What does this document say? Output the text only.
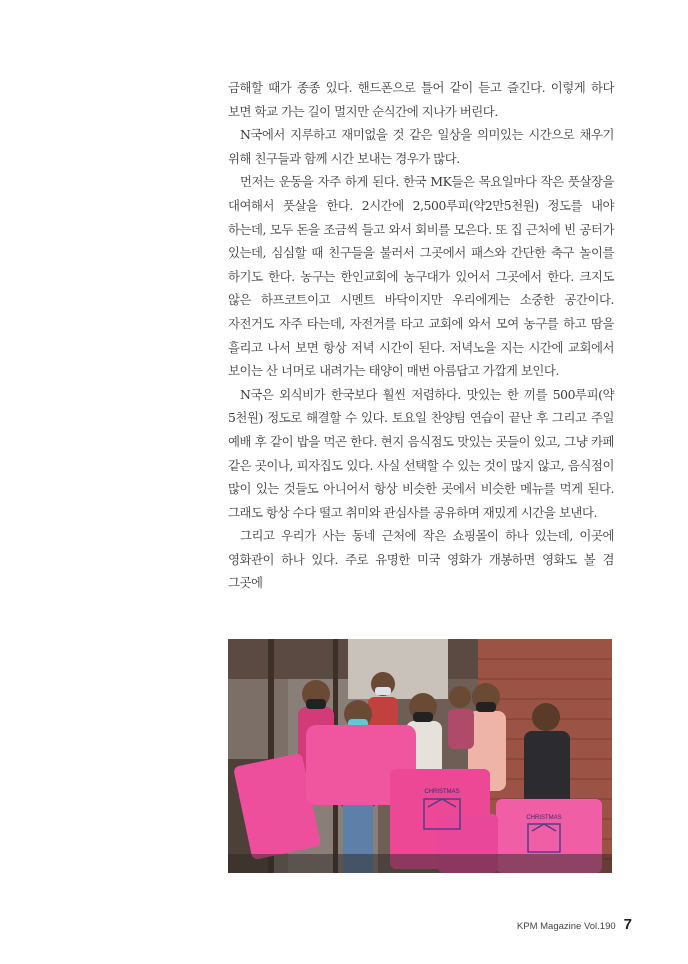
금해할 때가 종종 있다. 핸드폰으로 틀어 같이 듣고 즐긴다. 이렇게 하다 보면 학교 가는 길이 멀지만 순식간에 지나가 버린다.

N국에서 지루하고 재미없을 것 같은 일상을 의미있는 시간으로 채우기 위해 친구들과 함께 시간 보내는 경우가 많다.

먼저는 운동을 자주 하게 된다. 한국 MK들은 목요일마다 작은 풋살장을 대여해서 풋살을 한다. 2시간에 2,500루피(약2만5천원) 정도를 내야 하는데, 모두 돈을 조금씩 들고 와서 회비를 모은다. 또 집 근처에 빈 공터가 있는데, 심심할 때 친구들을 불러서 그곳에서 패스와 간단한 축구 놀이를 하기도 한다. 농구는 한인교회에 농구대가 있어서 그곳에서 한다. 크지도 않은 하프코트이고 시멘트 바닥이지만 우리에게는 소중한 공간이다. 자전거도 자주 타는데, 자전거를 타고 교회에 와서 모여 농구를 하고 땀을 흘리고 나서 보면 항상 저녁 시간이 된다. 저녁노을 지는 시간에 교회에서 보이는 산 너머로 내려가는 태양이 매번 아름답고 가깝게 보인다.

N국은 외식비가 한국보다 훨씬 저렴하다. 맛있는 한 끼를 500루피(약 5천원) 정도로 해결할 수 있다. 토요일 찬양팀 연습이 끝난 후 그리고 주일 예배 후 같이 밥을 먹곤 한다. 현지 음식점도 맛있는 곳들이 있고, 그냥 카페 같은 곳이나, 피자집도 있다. 사실 선택할 수 있는 것이 많지 않고, 음식점이 많이 있는 것들도 아니어서 항상 비슷한 곳에서 비슷한 메뉴를 먹게 된다. 그래도 항상 수다 떨고 취미와 관심사를 공유하며 재밌게 시간을 보낸다.

그리고 우리가 사는 동네 근처에 작은 쇼핑몰이 하나 있는데, 이곳에 영화관이 하나 있다. 주로 유명한 미국 영화가 개봉하면 영화도 볼 겸 그곳에

CHRISTMAS
CHRISTMAS
KPM Magazine Vol.190 7
